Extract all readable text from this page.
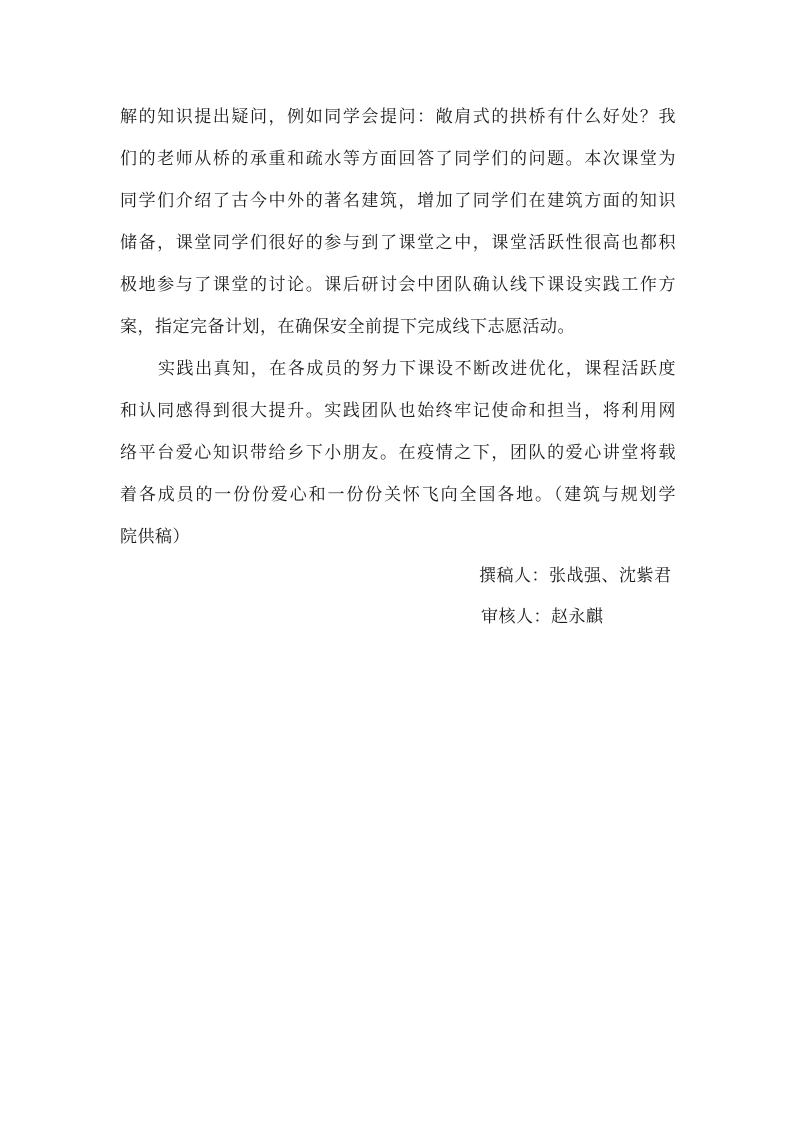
解的知识提出疑问，例如同学会提问：敞肩式的拱桥有什么好处？我
们的老师从桥的承重和疏水等方面回答了同学们的问题。本次课堂为
同学们介绍了古今中外的著名建筑，增加了同学们在建筑方面的知识
储备，课堂同学们很好的参与到了课堂之中，课堂活跃性很高也都积
极地参与了课堂的讨论。课后研讨会中团队确认线下课设实践工作方
案，指定完备计划，在确保安全前提下完成线下志愿活动。
实践出真知，在各成员的努力下课设不断改进优化，课程活跃度
和认同感得到很大提升。实践团队也始终牢记使命和担当，将利用网
络平台爱心知识带给乡下小朋友。在疫情之下，团队的爱心讲堂将载
着各成员的一份份爱心和一份份关怀飞向全国各地。（建筑与规划学
院供稿）
撰稿人：张战强、沈紫君
审核人：赵永麒
